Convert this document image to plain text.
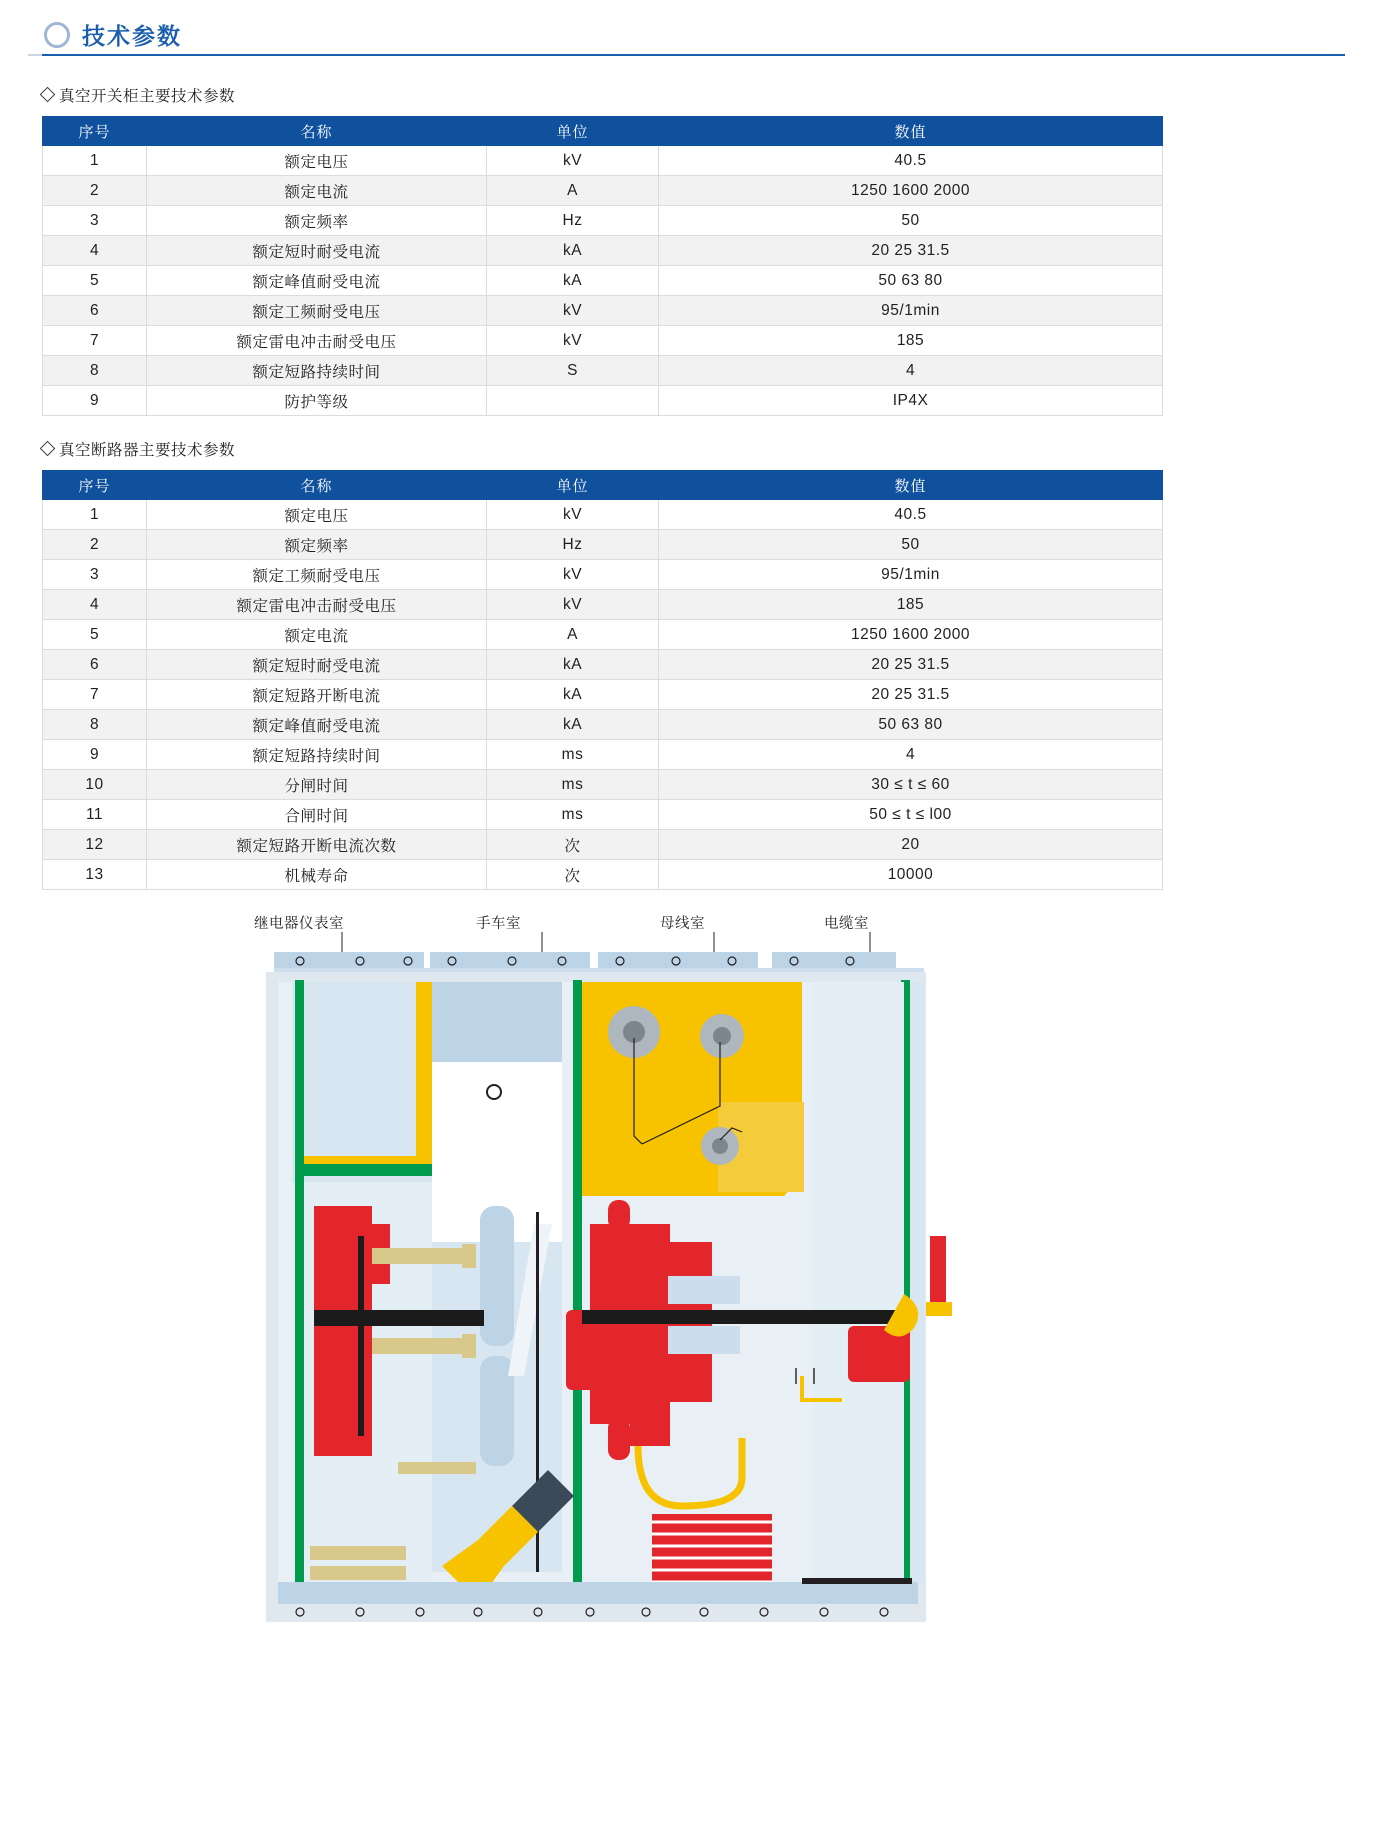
技术参数
真空开关柜主要技术参数
序号	名称	单位	数值
1	额定电压	kV	40.5
2	额定电流	A	1250 1600 2000
3	额定频率	Hz	50
4	额定短时耐受电流	kA	20 25 31.5
5	额定峰值耐受电流	kA	50 63 80
6	额定工频耐受电压	kV	95/1min
7	额定雷电冲击耐受电压	kV	185
8	额定短路持续时间	S	4
9	防护等级		IP4X
真空断路器主要技术参数
序号	名称	单位	数值
1	额定电压	kV	40.5
2	额定频率	Hz	50
3	额定工频耐受电压	kV	95/1min
4	额定雷电冲击耐受电压	kV	185
5	额定电流	A	1250 1600 2000
6	额定短时耐受电流	kA	20 25 31.5
7	额定短路开断电流	kA	20 25 31.5
8	额定峰值耐受电流	kA	50 63 80
9	额定短路持续时间	ms	4
10	分闸时间	ms	30 ≤ t ≤ 60
11	合闸时间	ms	50 ≤ t ≤ l00
12	额定短路开断电流次数	次	20
13	机械寿命	次	10000
继电器仪表室	手车室	母线室	电缆室
